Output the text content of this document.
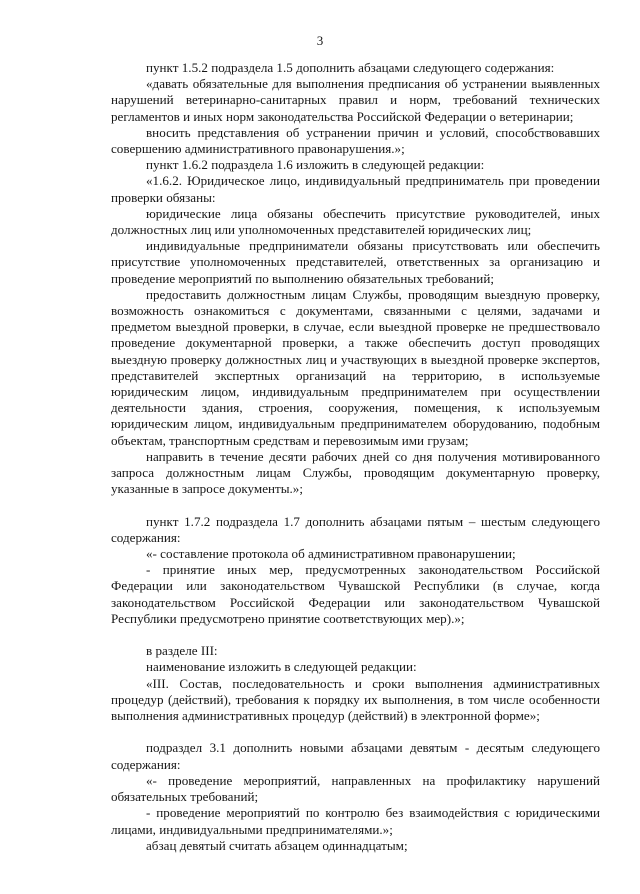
3

пункт 1.5.2 подраздела 1.5 дополнить абзацами следующего содержания:

«давать обязательные для выполнения предписания об устранении выявленных нарушений ветеринарно-санитарных правил и норм, требований технических регламентов и иных норм законодательства Российской Федерации о ветеринарии;

вносить представления об устранении причин и условий, способствовавших совершению административного правонарушения.»;

пункт 1.6.2 подраздела 1.6 изложить в следующей редакции:

«1.6.2. Юридическое лицо, индивидуальный предприниматель при проведении проверки обязаны:

юридические лица обязаны обеспечить присутствие руководителей, иных должностных лиц или уполномоченных представителей юридических лиц;

индивидуальные предприниматели обязаны присутствовать или обеспечить присутствие уполномоченных представителей, ответственных за организацию и проведение мероприятий по выполнению обязательных требований;

предоставить должностным лицам Службы, проводящим выездную проверку, возможность ознакомиться с документами, связанными с целями, задачами и предметом выездной проверки, в случае, если выездной проверке не предшествовало проведение документарной проверки, а также обеспечить доступ проводящих выездную проверку должностных лиц и участвующих в выездной проверке экспертов, представителей экспертных организаций на территорию, в используемые юридическим лицом, индивидуальным предпринимателем при осуществлении деятельности здания, строения, сооружения, помещения, к используемым юридическим лицом, индивидуальным предпринимателем оборудованию, подобным объектам, транспортным средствам и перевозимым ими грузам;

направить в течение десяти рабочих дней со дня получения мотивированного запроса должностным лицам Службы, проводящим документарную проверку, указанные в запросе документы.»;

пункт 1.7.2 подраздела 1.7 дополнить абзацами пятым – шестым следующего содержания:

«- составление протокола об административном правонарушении;

- принятие иных мер, предусмотренных законодательством Российской Федерации или законодательством Чувашской Республики (в случае, когда законодательством Российской Федерации или законодательством Чувашской Республики предусмотрено принятие соответствующих мер).»;

в разделе III:

наименование изложить в следующей редакции:

«III. Состав, последовательность и сроки выполнения административных процедур (действий), требования к порядку их выполнения, в том числе особенности выполнения административных процедур (действий) в электронной форме»;

подраздел 3.1 дополнить новыми абзацами девятым - десятым следующего содержания:

«- проведение мероприятий, направленных на профилактику нарушений обязательных требований;

- проведение мероприятий по контролю без взаимодействия с юридическими лицами, индивидуальными предпринимателями.»;

абзац девятый считать абзацем одиннадцатым;
